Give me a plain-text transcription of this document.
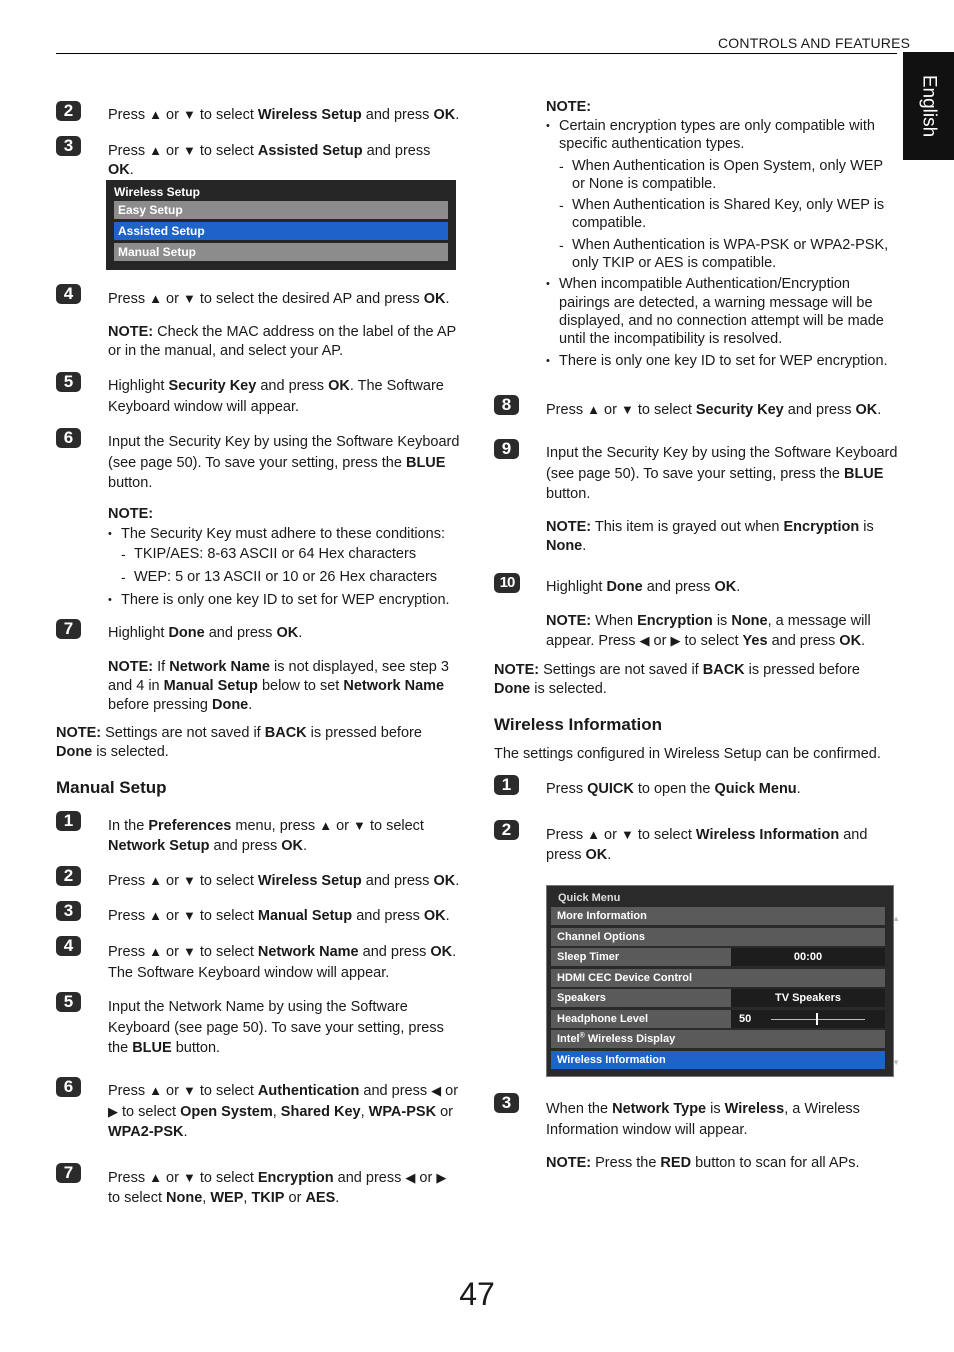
CONTROLS AND FEATURES
English
2	Press ▲ or ▼ to select Wireless Setup and press OK.
3	Press ▲ or ▼ to select Assisted Setup and press OK.
4	Press ▲ or ▼ to select the desired AP and press OK.
NOTE: Check the MAC address on the label of the AP or in the manual, and select your AP.
5	Highlight Security Key and press OK. The Software Keyboard window will appear.
6	Input the Security Key by using the Software Keyboard (see page 50). To save your setting, press the BLUE button.
NOTE:
• The Security Key must adhere to these conditions:
- TKIP/AES: 8-63 ASCII or 64 Hex characters
- WEP: 5 or 13 ASCII or 10 or 26 Hex characters
• There is only one key ID to set for WEP encryption.
7	Highlight Done and press OK.
NOTE: If Network Name is not displayed, see step 3 and 4 in Manual Setup below to set Network Name before pressing Done.
NOTE: Settings are not saved if BACK is pressed before Done is selected.
Manual Setup
1	In the Preferences menu, press ▲ or ▼ to select Network Setup and press OK.
2	Press ▲ or ▼ to select Wireless Setup and press OK.
3	Press ▲ or ▼ to select Manual Setup and press OK.
4	Press ▲ or ▼ to select Network Name and press OK. The Software Keyboard window will appear.
5	Input the Network Name by using the Software Keyboard (see page 50). To save your setting, press the BLUE button.
6	Press ▲ or ▼ to select Authentication and press ◀ or ▶ to select Open System, Shared Key, WPA-PSK or WPA2-PSK.
7	Press ▲ or ▼ to select Encryption and press ◀ or ▶ to select None, WEP, TKIP or AES.
Wireless Setup
Easy Setup
Assisted Setup
Manual Setup
NOTE:
• Certain encryption types are only compatible with specific authentication types.
- When Authentication is Open System, only WEP or None is compatible.
- When Authentication is Shared Key, only WEP is compatible.
- When Authentication is WPA-PSK or WPA2-PSK, only TKIP or AES is compatible.
• When incompatible Authentication/Encryption pairings are detected, a warning message will be displayed, and no connection attempt will be made until the incompatibility is resolved.
• There is only one key ID to set for WEP encryption.
8	Press ▲ or ▼ to select Security Key and press OK.
9	Input the Security Key by using the Software Keyboard (see page 50). To save your setting, press the BLUE button.
NOTE: This item is grayed out when Encryption is None.
10	Highlight Done and press OK.
NOTE: When Encryption is None, a message will appear. Press ◀ or ▶ to select Yes and press OK.
NOTE: Settings are not saved if BACK is pressed before Done is selected.
Wireless Information
The settings configured in Wireless Setup can be confirmed.
1	Press QUICK to open the Quick Menu.
2	Press ▲ or ▼ to select Wireless Information and press OK.
3	When the Network Type is Wireless, a Wireless Information window will appear.
NOTE: Press the RED button to scan for all APs.
Quick Menu
More Information
Channel Options
Sleep Timer	00:00
HDMI CEC Device Control
Speakers	TV Speakers
Headphone Level	50
Intel® Wireless Display
Wireless Information
▲
▼
47
